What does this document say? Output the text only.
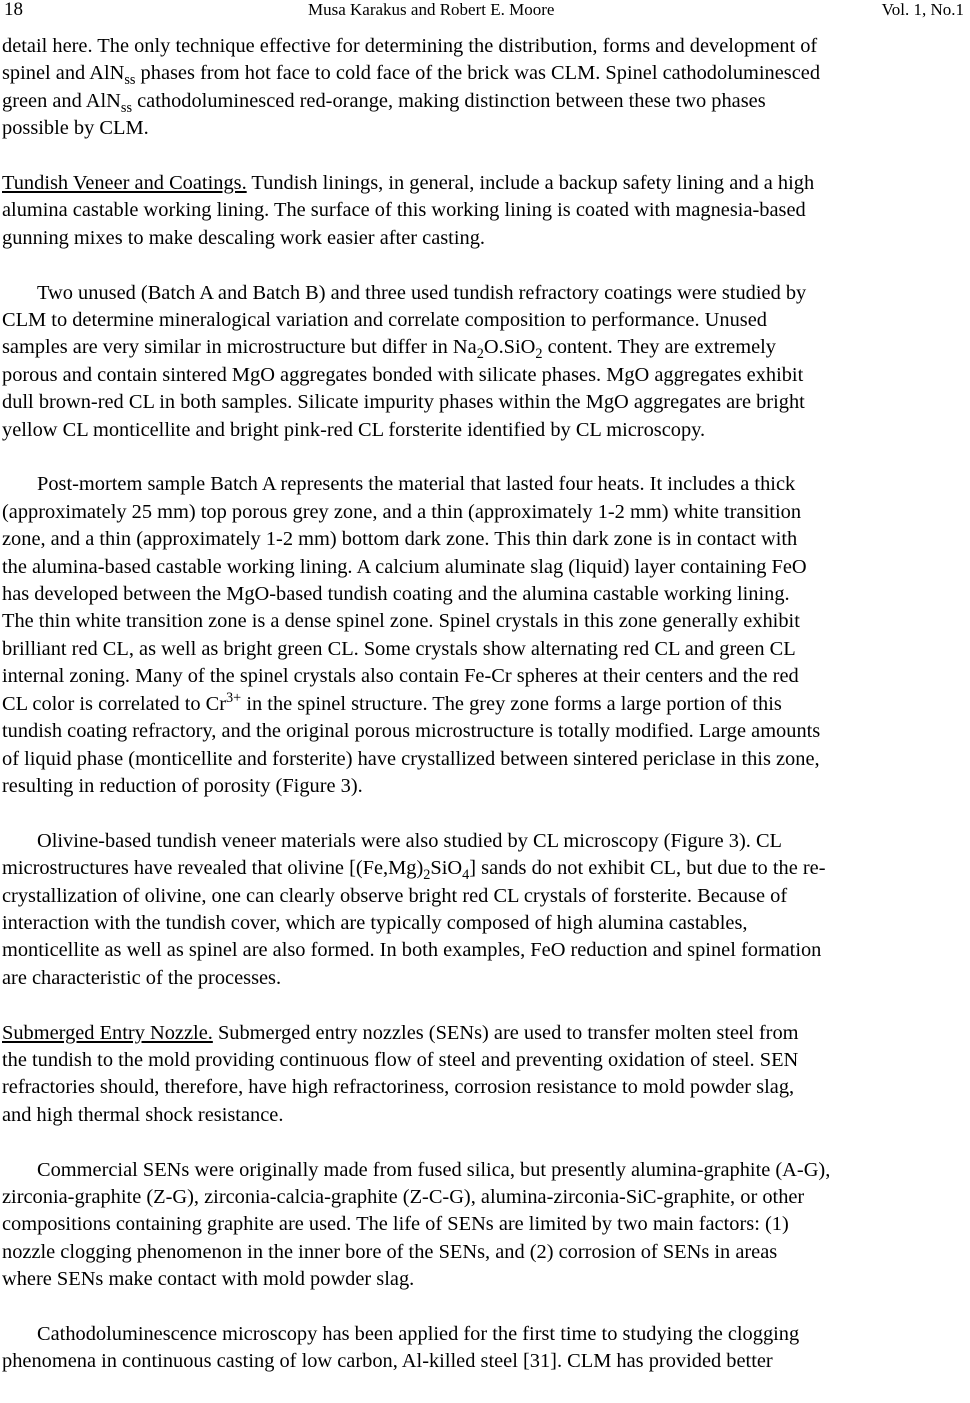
18	Musa Karakus and Robert E. Moore	Vol. 1, No.1
detail here. The only technique effective for determining the distribution, forms and development of
spinel and AlN$_{ss}$ phases from hot face to cold face of the brick was CLM. Spinel cathodoluminesced
green and AlN$_{ss}$ cathodoluminesced red-orange, making distinction between these two phases
possible by CLM.
Tundish Veneer and Coatings. Tundish linings, in general, include a backup safety lining and a high
alumina castable working lining. The surface of this working lining is coated with magnesia-based
gunning mixes to make descaling work easier after casting.
Two unused (Batch A and Batch B) and three used tundish refractory coatings were studied by
CLM to determine mineralogical variation and correlate composition to performance. Unused
samples are very similar in microstructure but differ in $Na_2O.SiO_2$ content. They are extremely
porous and contain sintered MgO aggregates bonded with silicate phases. MgO aggregates exhibit
dull brown-red CL in both samples. Silicate impurity phases within the MgO aggregates are bright
yellow CL monticellite and bright pink-red CL forsterite identified by CL microscopy.
Post-mortem sample Batch A represents the material that lasted four heats. It includes a thick
(approximately 25 mm) top porous grey zone, and a thin (approximately 1-2 mm) white transition
zone, and a thin (approximately 1-2 mm) bottom dark zone. This thin dark zone is in contact with
the alumina-based castable working lining. A calcium aluminate slag (liquid) layer containing FeO
has developed between the MgO-based tundish coating and the alumina castable working lining.
The thin white transition zone is a dense spinel zone. Spinel crystals in this zone generally exhibit
brilliant red CL, as well as bright green CL. Some crystals show alternating red CL and green CL
internal zoning. Many of the spinel crystals also contain Fe-Cr spheres at their centers and the red
CL color is correlated to $Cr^{3+}$ in the spinel structure. The grey zone forms a large portion of this
tundish coating refractory, and the original porous microstructure is totally modified. Large amounts
of liquid phase (monticellite and forsterite) have crystallized between sintered periclase in this zone,
resulting in reduction of porosity (Figure 3).
Olivine-based tundish veneer materials were also studied by CL microscopy (Figure 3). CL
microstructures have revealed that olivine $[(Fe,Mg)_2SiO_4]$ sands do not exhibit CL, but due to the re-
crystallization of olivine, one can clearly observe bright red CL crystals of forsterite. Because of
interaction with the tundish cover, which are typically composed of high alumina castables,
monticellite as well as spinel are also formed. In both examples, FeO reduction and spinel formation
are characteristic of the processes.
Submerged Entry Nozzle. Submerged entry nozzles (SENs) are used to transfer molten steel from
the tundish to the mold providing continuous flow of steel and preventing oxidation of steel. SEN
refractories should, therefore, have high refractoriness, corrosion resistance to mold powder slag,
and high thermal shock resistance.
Commercial SENs were originally made from fused silica, but presently alumina-graphite (A-G),
zirconia-graphite (Z-G), zirconia-calcia-graphite (Z-C-G), alumina-zirconia-SiC-graphite, or other
compositions containing graphite are used. The life of SENs are limited by two main factors: (1)
nozzle clogging phenomenon in the inner bore of the SENs, and (2) corrosion of SENs in areas
where SENs make contact with mold powder slag.
Cathodoluminescence microscopy has been applied for the first time to studying the clogging
phenomena in continuous casting of low carbon, Al-killed steel [31]. CLM has provided better
